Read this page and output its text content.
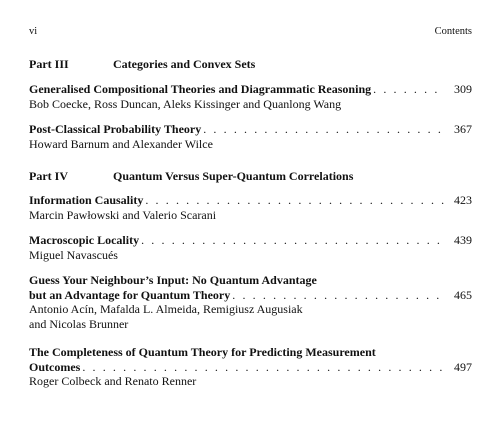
vi	Contents
Part III	Categories and Convex Sets
Generalised Compositional Theories and Diagrammatic Reasoning . . .	309
Bob Coecke, Ross Duncan, Aleks Kissinger and Quanlong Wang
Post-Classical Probability Theory . . .	367
Howard Barnum and Alexander Wilce
Part IV	Quantum Versus Super-Quantum Correlations
Information Causality . . .	423
Marcin Pawłowski and Valerio Scarani
Macroscopic Locality . . .	439
Miguel Navascués
Guess Your Neighbour’s Input: No Quantum Advantage
but an Advantage for Quantum Theory . . .	465
Antonio Acín, Mafalda L. Almeida, Remigiusz Augusiak
and Nicolas Brunner
The Completeness of Quantum Theory for Predicting Measurement
Outcomes . . .	497
Roger Colbeck and Renato Renner
